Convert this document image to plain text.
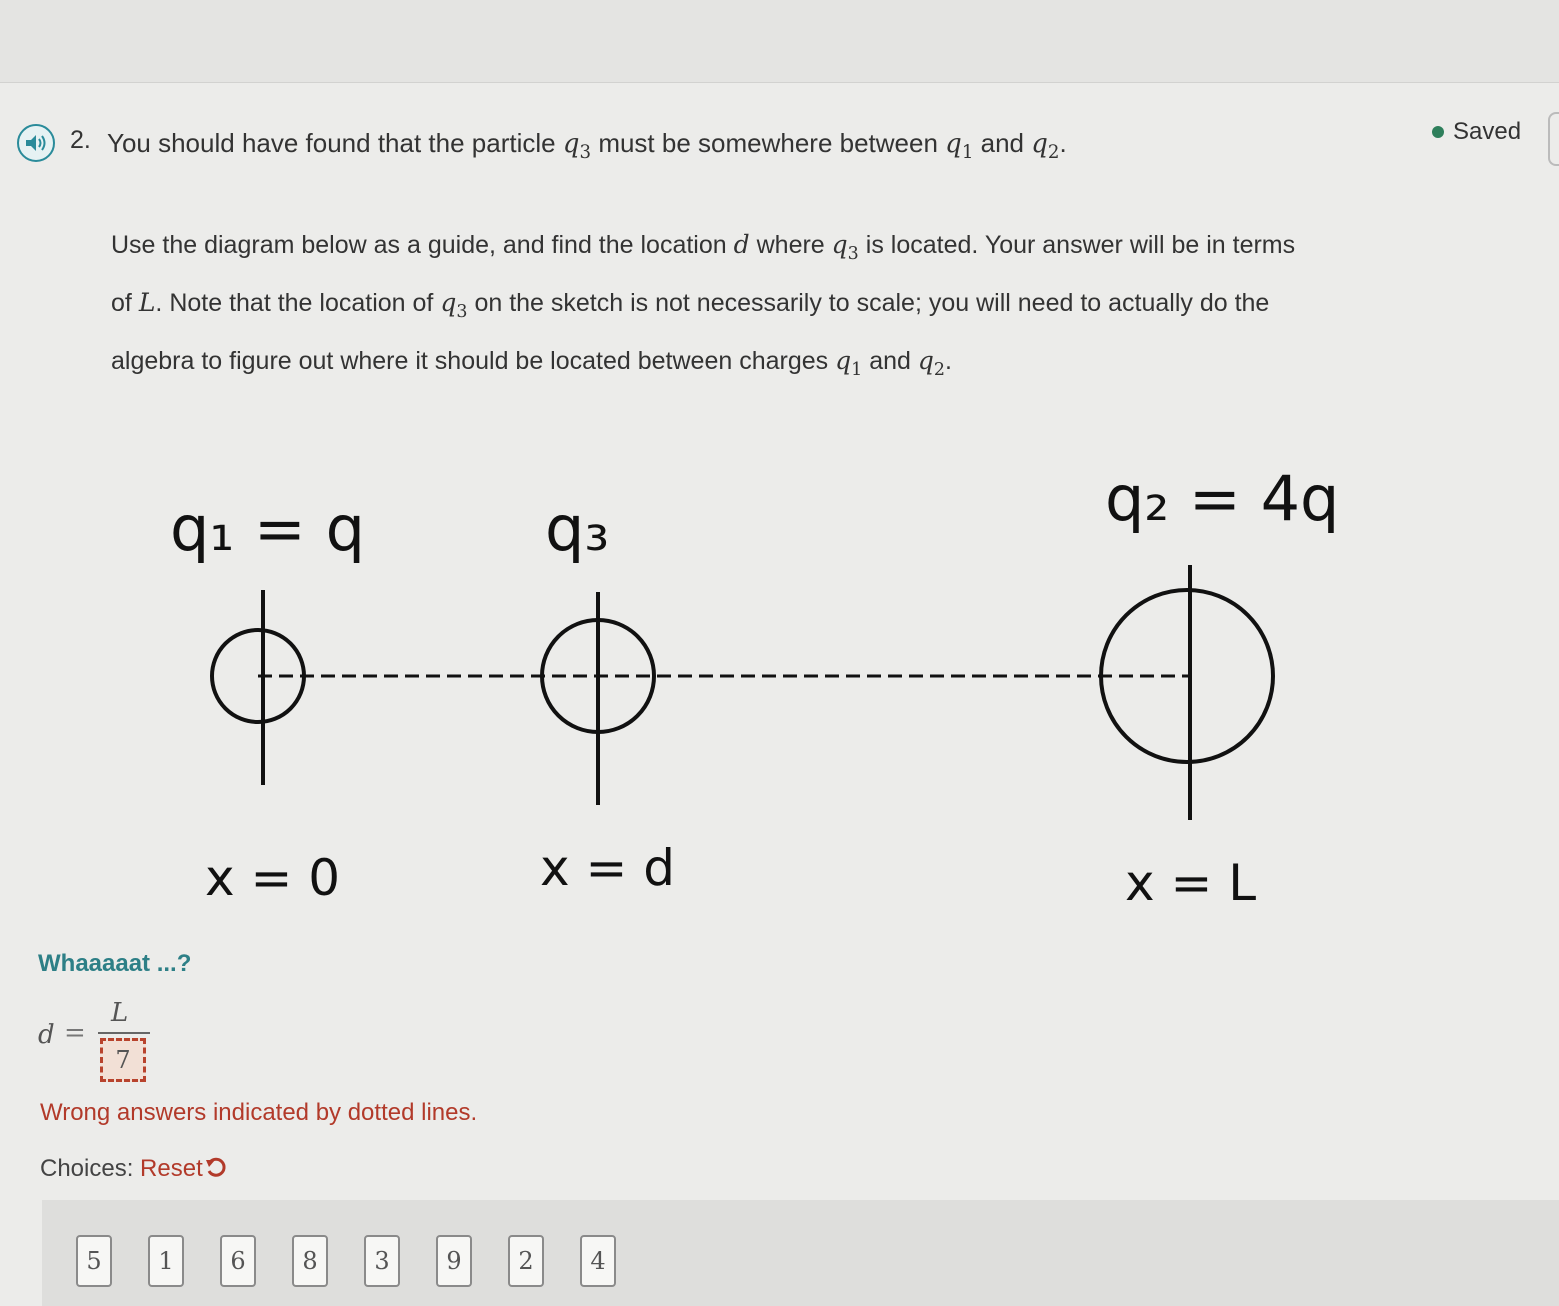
2. You should have found that the particle $q_3$ must be somewhere between $q_1$ and $q_2$.	Saved
Use the diagram below as a guide, and find the location d where $q_3$ is located. Your answer will be in terms
of L. Note that the location of $q_3$ on the sketch is not necessarily to scale; you will need to actually do the
algebra to figure out where it should be located between charges $q_1$ and $q_2$.
q₁ = q	q₃	q₂ = 4q
x = 0	x = d	x = L
Whaaaaat ...?
d =
L
7
Wrong answers indicated by dotted lines.
Choices: Reset
5	1	6	8	3	9	2	4
